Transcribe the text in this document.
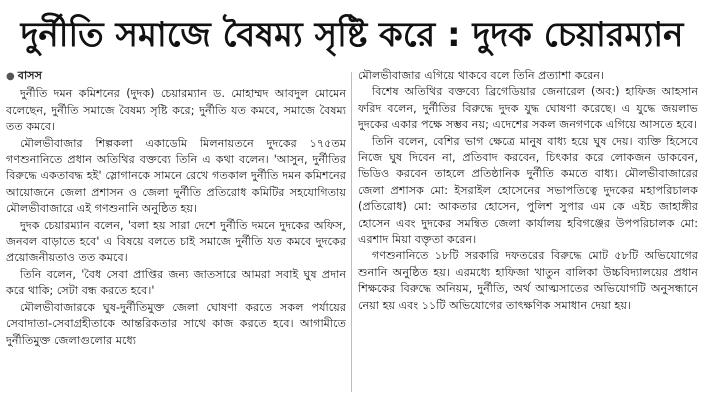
দুর্নীতি সমাজে বৈষম্য সৃষ্টি করে : দুদক চেয়ারম্যান
● বাসস

দুর্নীতি দমন কমিশনের (দুদক) চেয়ারম্যান ড. মোহাম্মদ আবদুল মোমেন বলেছেন, দুর্নীতি সমাজে বৈষম্য সৃষ্টি করে; দুর্নীতি যত কমবে, সমাজে বৈষম্য তত কমবে।

মৌলভীবাজার শিল্পকলা একাডেমি মিলনায়তনে দুদকের ১৭৫তম গণশুনানিতে প্রধান অতিথির বক্তব্যে তিনি এ কথা বলেন। 'আসুন, দুর্নীতির বিরুদ্ধে একতাবদ্ধ হই' স্লোগানকে সামনে রেখে গতকাল দুর্নীতি দমন কমিশনের আয়োজনে জেলা প্রশাসন ও জেলা দুর্নীতি প্রতিরোধ কমিটির সহযোগিতায় মৌলভীবাজারে এই গণশুনানি অনুষ্ঠিত হয়।

দুদক চেয়ারম্যান বলেন, 'বলা হয় সারা দেশে দুর্নীতি দমনে দুদকের অফিস, জনবল বাড়াতে হবে' এ বিষয়ে বলতে চাই সমাজে দুর্নীতি যত কমবে দুদকের প্রয়োজনীয়তাও তত কমবে।

তিনি বলেন, 'বৈধ সেবা প্রাপ্তির জন্য জাতসারে আমরা সবাই ঘুষ প্রদান করে থাকি; সেটা বন্ধ করতে হবে।'

মৌলভীবাজারকে ঘুষ-দুর্নীতিমুক্ত জেলা ঘোষণা করতে সকল পর্যায়ের সেবাদাতা-সেবাগ্রহীতাকে আন্তরিকতার সাথে কাজ করতে হবে। আগামীতে দুর্নীতিমুক্ত জেলাগুলোর মধ্যে

মৌলভীবাজার এগিয়ে থাকবে বলে তিনি প্রত্যাশা করেন।

বিশেষ অতিথির বক্তব্যে ব্রিগেডিয়ার জেনারেল (অব:) হাফিজ আহসান ফরিদ বলেন, দুর্নীতির বিরুদ্ধে দুদক যুদ্ধ ঘোষণা করেছে। এ যুদ্ধে জয়লাভ দুদকের একার পক্ষে সম্ভব নয়; এদেশের সকল জনগণকে এগিয়ে আসতে হবে।

তিনি বলেন, বেশির ভাগ ক্ষেত্রে মানুষ বাধ্য হয়ে ঘুষ দেয়। ব্যক্তি হিসেবে নিজে ঘুষ দিবেন না, প্রতিবাদ করবেন, চিৎকার করে লোকজন ডাকবেন, ভিডিও করবেন তাহলে প্রতিষ্ঠানিক দুর্নীতি কমতে বাধ্য। মৌলভীবাজারের জেলা প্রশাসক মো: ইসরাইল হোসেনের সভাপতিত্বে দুদকের মহাপরিচালক (প্রতিরোধ) মো: আকতার হোসেন, পুলিশ সুপার এম কে এইচ জাহাঙ্গীর হোসেন এবং দুদকের সমন্বিত জেলা কার্যালয় হবিগঞ্জের উপপরিচালক মো: এরশাদ মিয়া বক্তৃতা করেন।

গণশুনানিতে ১৮টি সরকারি দফতরের বিরুদ্ধে মোট ৫৮টি অভিযোগের শুনানি অনুষ্ঠিত হয়। এরমধ্যে হাফিজা খাতুন বালিকা উচ্চবিদ্যালয়ের প্রধান শিক্ষকের বিরুদ্ধে অনিয়ম, দুর্নীতি, অর্থ আত্মসাতের অভিযোগটি অনুসন্ধানে নেয়া হয় এবং ১১টি অভিযোগের তাৎক্ষণিক সমাধান দেয়া হয়।
